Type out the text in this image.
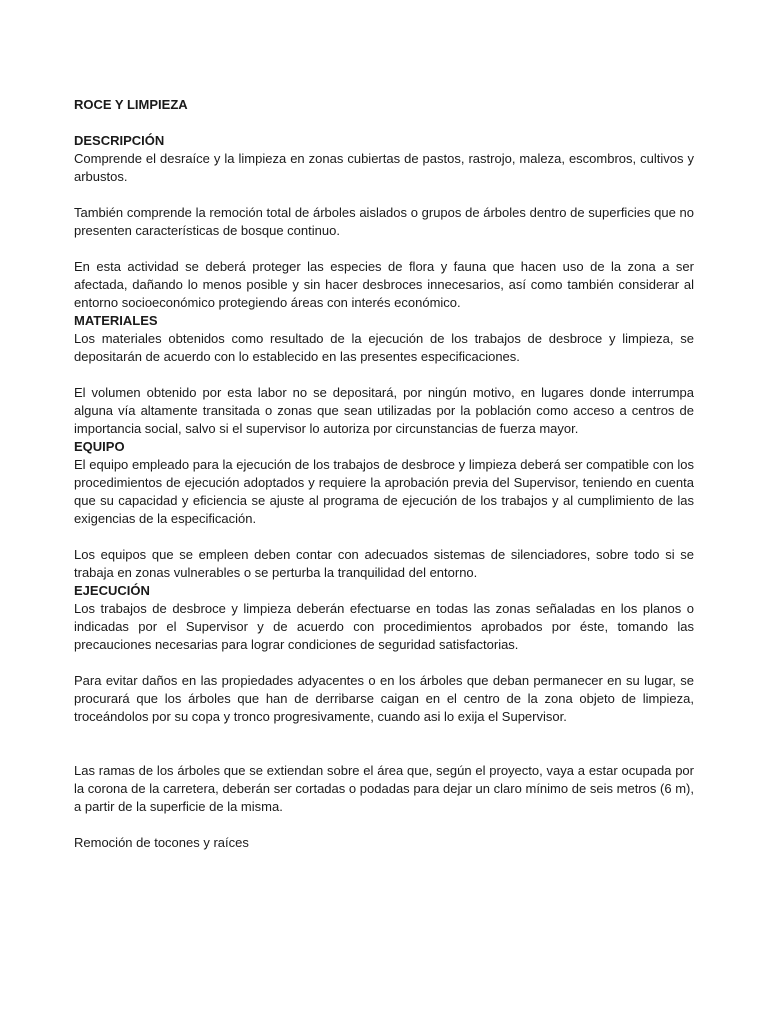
ROCE Y LIMPIEZA
DESCRIPCIÓN

Comprende el desraíce y la limpieza en zonas cubiertas de pastos, rastrojo, maleza, escombros, cultivos y arbustos.

También comprende la remoción total de árboles aislados o grupos de árboles dentro de superficies que no presenten características de bosque continuo.

En esta actividad se deberá proteger las especies de flora y fauna que hacen uso de la zona a ser afectada, dañando lo menos posible y sin hacer desbroces innecesarios, así como también considerar al entorno socioeconómico protegiendo áreas con interés económico.

MATERIALES

Los materiales obtenidos como resultado de la ejecución de los trabajos de desbroce y limpieza, se depositarán de acuerdo con lo establecido en las presentes especificaciones.

El volumen obtenido por esta labor no se depositará, por ningún motivo, en lugares donde interrumpa alguna vía altamente transitada o zonas que sean utilizadas por la población como acceso a centros de importancia social, salvo si el supervisor lo autoriza por circunstancias de fuerza mayor.

EQUIPO

El equipo empleado para la ejecución de los trabajos de desbroce y limpieza deberá ser compatible con los procedimientos de ejecución adoptados y requiere la aprobación previa del Supervisor, teniendo en cuenta que su capacidad y eficiencia se ajuste al programa de ejecución de los trabajos y al cumplimiento de las exigencias de la especificación.

Los equipos que se empleen deben contar con adecuados sistemas de silenciadores, sobre todo si se trabaja en zonas vulnerables o se perturba la tranquilidad del entorno.

EJECUCIÓN

Los trabajos de desbroce y limpieza deberán efectuarse en todas las zonas señaladas en los planos o indicadas por el Supervisor y de acuerdo con procedimientos aprobados por éste, tomando las precauciones necesarias para lograr condiciones de seguridad satisfactorias.

Para evitar daños en las propiedades adyacentes o en los árboles que deban permanecer en su lugar, se procurará que los árboles que han de derribarse caigan en el centro de la zona objeto de limpieza, troceándolos por su copa y tronco progresivamente, cuando asi lo exija el Supervisor.

Las ramas de los árboles que se extiendan sobre el área que, según el proyecto, vaya a estar ocupada por la corona de la carretera, deberán ser cortadas o podadas para dejar un claro mínimo de seis metros (6 m), a partir de la superficie de la misma.

Remoción de tocones y raíces
